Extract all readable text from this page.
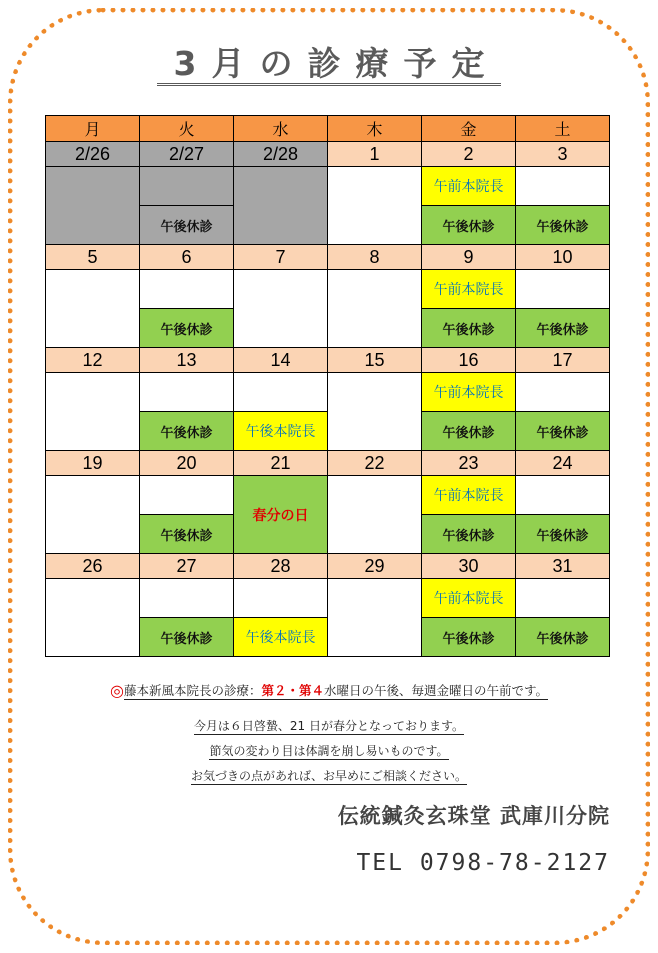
3月の診療予定
月	火	水	木	金	土
2/26	2/27	2/28	1	2	3
				午前本院長	
	午後休診			午後休診	午後休診
5	6	7	8	9	10
				午前本院長	
	午後休診			午後休診	午後休診
12	13	14	15	16	17
				午前本院長	
	午後休診	午後本院長		午後休診	午後休診
19	20	21	22	23	24
		春分の日		午前本院長	
	午後休診			午後休診	午後休診
26	27	28	29	30	31
				午前本院長	
	午後休診	午後本院長		午後休診	午後休診
◎藤本新風本院長の診療：第２・第４水曜日の午後、毎週金曜日の午前です。
今月は６日啓蟄、21 日が春分となっております。
節気の変わり目は体調を崩し易いものです。
お気づきの点があれば、お早めにご相談ください。
伝統鍼灸玄珠堂 武庫川分院
TEL 0798-78-2127
